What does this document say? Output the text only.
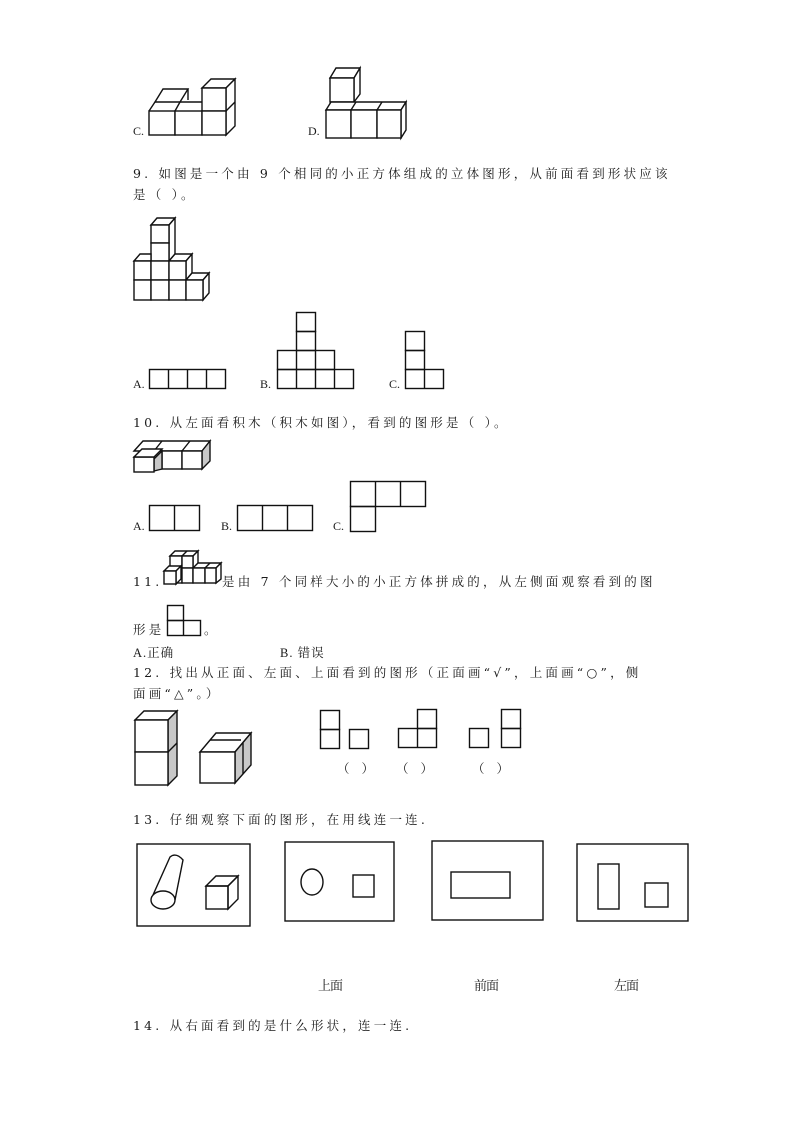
C.	D.
9. 如图是一个由 9 个相同的小正方体组成的立体图形，从前面看到形状应该
是（ ）。
A.	B.	C.
10. 从左面看积木（积木如图），看到的图形是（ ）。
A.	B.	C.
11.	是由 7 个同样大小的小正方体拼成的，从左侧面观察看到的图
形是	。
A.正确	B. 错误
12. 找出从正面、左面、上面看到的图形（正面画“√”，上面画“○”，侧
面画“△”。）
（ ） （ ）	（ ）
13. 仔细观察下面的图形，在用线连一连.
上面	前面	左面
14. 从右面看到的是什么形状，连一连.
